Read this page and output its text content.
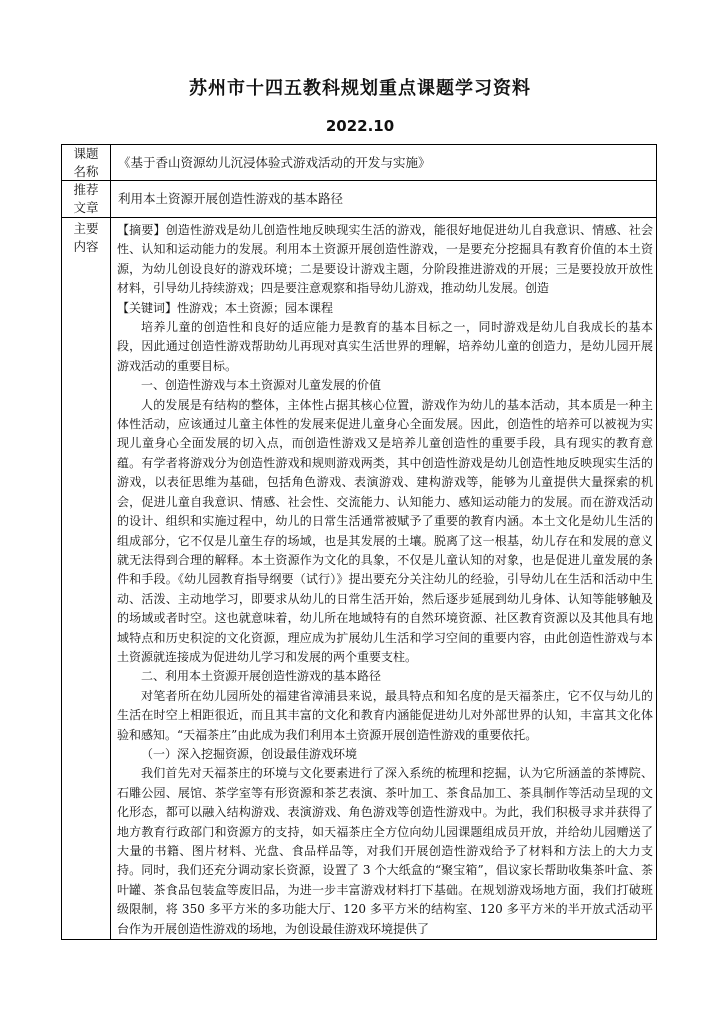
苏州市十四五教科规划重点课题学习资料
2022.10
课题
名称
《基于香山资源幼儿沉浸体验式游戏活动的开发与实施》
推荐
文章
利用本土资源开展创造性游戏的基本路径
主要
内容

【摘要】创造性游戏是幼儿创造性地反映现实生活的游戏，能很好地促进幼儿自我意识、情感、社会性、认知和运动能力的发展。利用本土资源开展创造性游戏，一是要充分挖掘具有教育价值的本土资源，为幼儿创设良好的游戏环境；二是要设计游戏主题，分阶段推进游戏的开展；三是要投放开放性材料，引导幼儿持续游戏；四是要注意观察和指导幼儿游戏，推动幼儿发展。创造

【关键词】性游戏；本土资源；园本课程

培养儿童的创造性和良好的适应能力是教育的基本目标之一，同时游戏是幼儿自我成长的基本段，因此通过创造性游戏帮助幼儿再现对真实生活世界的理解，培养幼儿童的创造力，是幼儿园开展游戏活动的重要目标。

一、创造性游戏与本土资源对儿童发展的价值

人的发展是有结构的整体，主体性占据其核心位置，游戏作为幼儿的基本活动，其本质是一种主体性活动，应该通过儿童主体性的发展来促进儿童身心全面发展。因此，创造性的培养可以被视为实现儿童身心全面发展的切入点，而创造性游戏又是培养儿童创造性的重要手段，具有现实的教育意蕴。有学者将游戏分为创造性游戏和规则游戏两类，其中创造性游戏是幼儿创造性地反映现实生活的游戏，以表征思维为基础，包括角色游戏、表演游戏、建构游戏等，能够为儿童提供大量探索的机会，促进儿童自我意识、情感、社会性、交流能力、认知能力、感知运动能力的发展。而在游戏活动的设计、组织和实施过程中，幼儿的日常生活通常被赋予了重要的教育内涵。本土文化是幼儿生活的组成部分，它不仅是儿童生存的场域，也是其发展的土壤。脱离了这一根基，幼儿存在和发展的意义就无法得到合理的解释。本土资源作为文化的具象，不仅是儿童认知的对象，也是促进儿童发展的条件和手段。《幼儿园教育指导纲要（试行）》提出要充分关注幼儿的经验，引导幼儿在生活和活动中生动、活泼、主动地学习，即要求从幼儿的日常生活开始，然后逐步延展到幼儿身体、认知等能够触及的场域或者时空。这也就意味着，幼儿所在地域特有的自然环境资源、社区教育资源以及其他具有地域特点和历史积淀的文化资源，理应成为扩展幼儿生活和学习空间的重要内容，由此创造性游戏与本土资源就连接成为促进幼儿学习和发展的两个重要支柱。

二、利用本土资源开展创造性游戏的基本路径

对笔者所在幼儿园所处的福建省漳浦县来说，最具特点和知名度的是天福茶庄，它不仅与幼儿的生活在时空上相距很近，而且其丰富的文化和教育内涵能促进幼儿对外部世界的认知，丰富其文化体验和感知。“天福茶庄”由此成为我们利用本土资源开展创造性游戏的重要依托。

（一）深入挖掘资源，创设最佳游戏环境

我们首先对天福茶庄的环境与文化要素进行了深入系统的梳理和挖掘，认为它所涵盖的茶博院、石雕公园、展馆、茶学室等有形资源和茶艺表演、茶叶加工、茶食品加工、茶具制作等活动呈现的文化形态，都可以融入结构游戏、表演游戏、角色游戏等创造性游戏中。为此，我们积极寻求并获得了地方教育行政部门和资源方的支持，如天福茶庄全方位向幼儿园课题组成员开放，并给幼儿园赠送了大量的书籍、图片材料、光盘、食品样品等，对我们开展创造性游戏给予了材料和方法上的大力支持。同时，我们还充分调动家长资源，设置了 3 个大纸盒的“聚宝箱”，倡议家长帮助收集茶叶盒、茶叶罐、茶食品包装盒等废旧品，为进一步丰富游戏材料打下基础。在规划游戏场地方面，我们打破班级限制，将 350 多平方米的多功能大厅、120 多平方米的结构室、120 多平方米的半开放式活动平台作为开展创造性游戏的场地，为创设最佳游戏环境提供了
